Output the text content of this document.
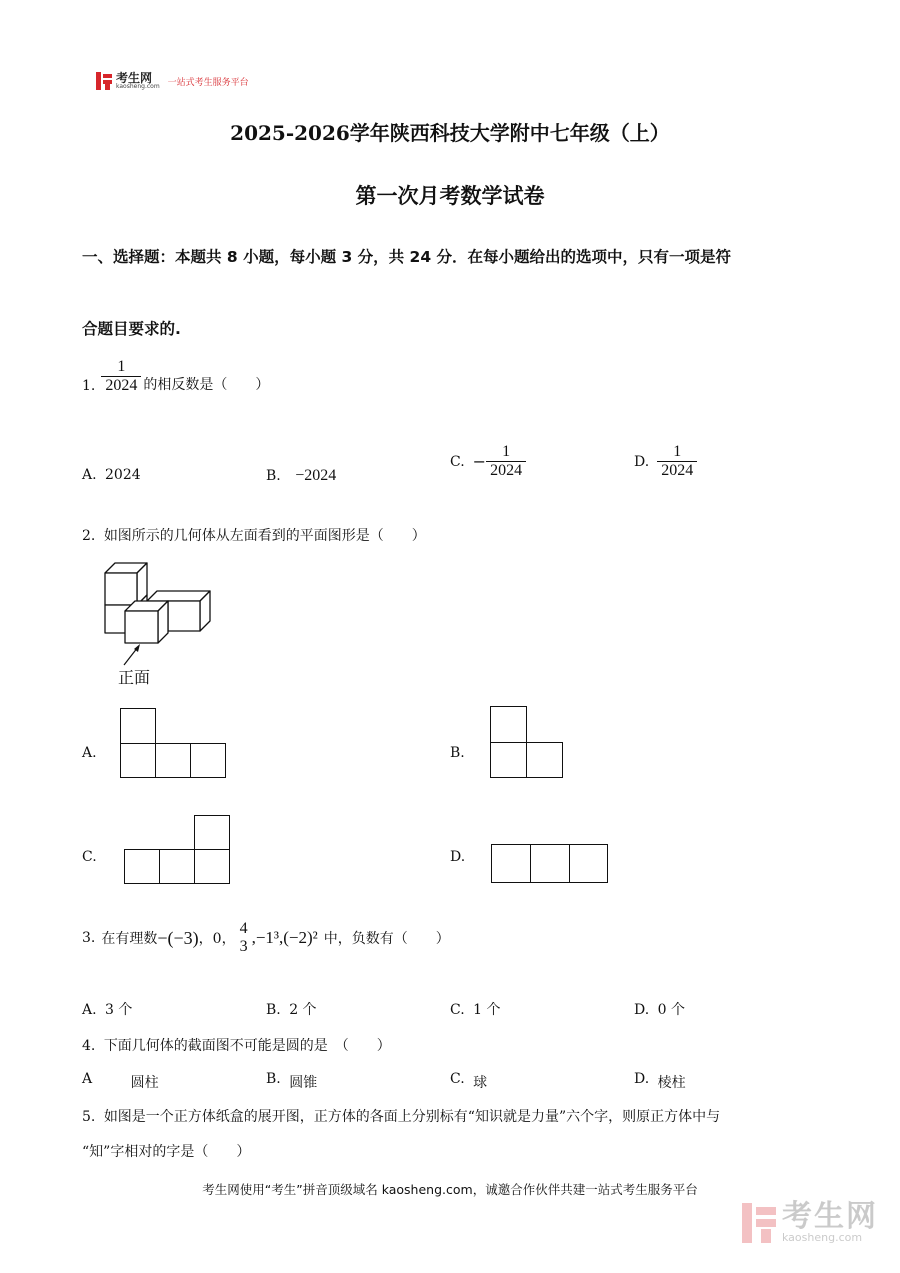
考生网
kaosheng.com 一站式考生服务平台
2025-2026学年陕西科技大学附中七年级（上）
第一次月考数学试卷
一、选择题：本题共 8 小题，每小题 3 分，共 24 分．在每小题给出的选项中，只有一项是符
合题目要求的.
1. $\frac{1}{2024}$ 的相反数是（　　）
A. 2024	B. −2024
C. − $\frac{1}{2024}$	D. $\frac{1}{2024}$
2. 如图所示的几何体从左面看到的平面图形是（　　）
正面
A.	B.
C.	D.
3. 在有理数 −(−3) ，0，
4
3 ,−1³,(−2)² 中，负数有（　　）
A. 3 个	B. 2 个	C. 1 个	D. 0 个
4. 下面几何体的截面图不可能是圆的是　（　　）
A	圆柱	B. 圆锥	C. 球	D. 棱柱
5. 如图是一个正方体纸盒的展开图，正方体的各面上分别标有“知识就是力量”六个字，则原正方体中与
“知”字相对的字是（　　）
考生网使用“考生”拼音顶级域名 kaosheng.com，诚邀合作伙伴共建一站式考生服务平台
考生网
kaosheng.com
